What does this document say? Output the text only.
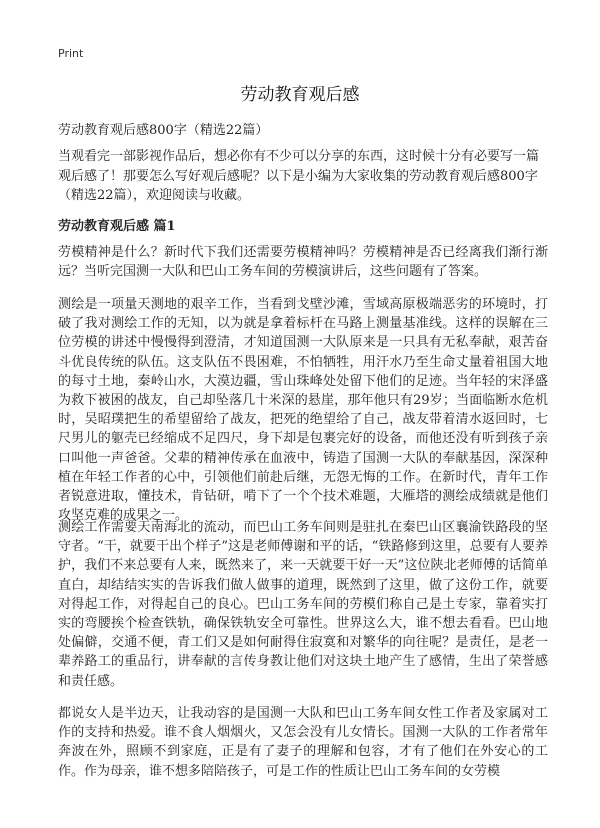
Print
劳动教育观后感
劳动教育观后感800字（精选22篇）
当观看完一部影视作品后，想必你有不少可以分享的东西，这时候十分有必要写一篇观后感了！那要怎么写好观后感呢？以下是小编为大家收集的劳动教育观后感800字（精选22篇），欢迎阅读与收藏。
劳动教育观后感 篇1
劳模精神是什么？新时代下我们还需要劳模精神吗？劳模精神是否已经离我们渐行渐远？当听完国测一大队和巴山工务车间的劳模演讲后，这些问题有了答案。
测绘是一项量天测地的艰辛工作，当看到戈壁沙滩，雪域高原极端恶劣的环境时，打破了我对测绘工作的无知，以为就是拿着标杆在马路上测量基准线。这样的误解在三位劳模的讲述中慢慢得到澄清，才知道国测一大队原来是一只具有无私奉献，艰苦奋斗优良传统的队伍。这支队伍不畏困难，不怕牺牲，用汗水乃至生命丈量着祖国大地的每寸土地，秦岭山水，大漠边疆，雪山珠峰处处留下他们的足迹。当年轻的宋泽盛为救下被困的战友，自己却坠落几十米深的悬崖，那年他只有29岁；当面临断水危机时，吴昭璞把生的希望留给了战友，把死的绝望给了自己，战友带着清水返回时，七尺男儿的躯壳已经缩成不足四尺，身下却是包裹完好的设备，而他还没有听到孩子亲口叫他一声爸爸。父辈的精神传承在血液中，铸造了国测一大队的奉献基因，深深种植在年轻工作者的心中，引领他们前赴后继，无怨无悔的工作。在新时代，青年工作者锐意进取，懂技术，肯钻研，啃下了一个个技术难题，大雁塔的测绘成绩就是他们攻坚克难的成果之一。
测绘工作需要天南海北的流动，而巴山工务车间则是驻扎在秦巴山区襄渝铁路段的坚守者。“干，就要干出个样子”这是老师傅谢和平的话，“铁路修到这里，总要有人要养护，我们不来总要有人来，既然来了，来一天就要干好一天”这位陕北老师傅的话简单直白，却结结实实的告诉我们做人做事的道理，既然到了这里，做了这份工作，就要对得起工作，对得起自己的良心。巴山工务车间的劳模们称自己是土专家，靠着实打实的弯腰挨个检查铁轨，确保铁轨安全可靠性。世界这么大，谁不想去看看。巴山地处偏僻，交通不便，青工们又是如何耐得住寂寞和对繁华的向往呢？是责任，是老一辈养路工的重品行，讲奉献的言传身教让他们对这块土地产生了感情，生出了荣誉感和责任感。
都说女人是半边天，让我动容的是国测一大队和巴山工务车间女性工作者及家属对工作的支持和热爱。谁不食人烟烟火，又怎会没有儿女情长。国测一大队的工作者常年奔波在外，照顾不到家庭，正是有了妻子的理解和包容，才有了他们在外安心的工作。作为母亲，谁不想多陪陪孩子，可是工作的性质让巴山工务车间的女劳模
